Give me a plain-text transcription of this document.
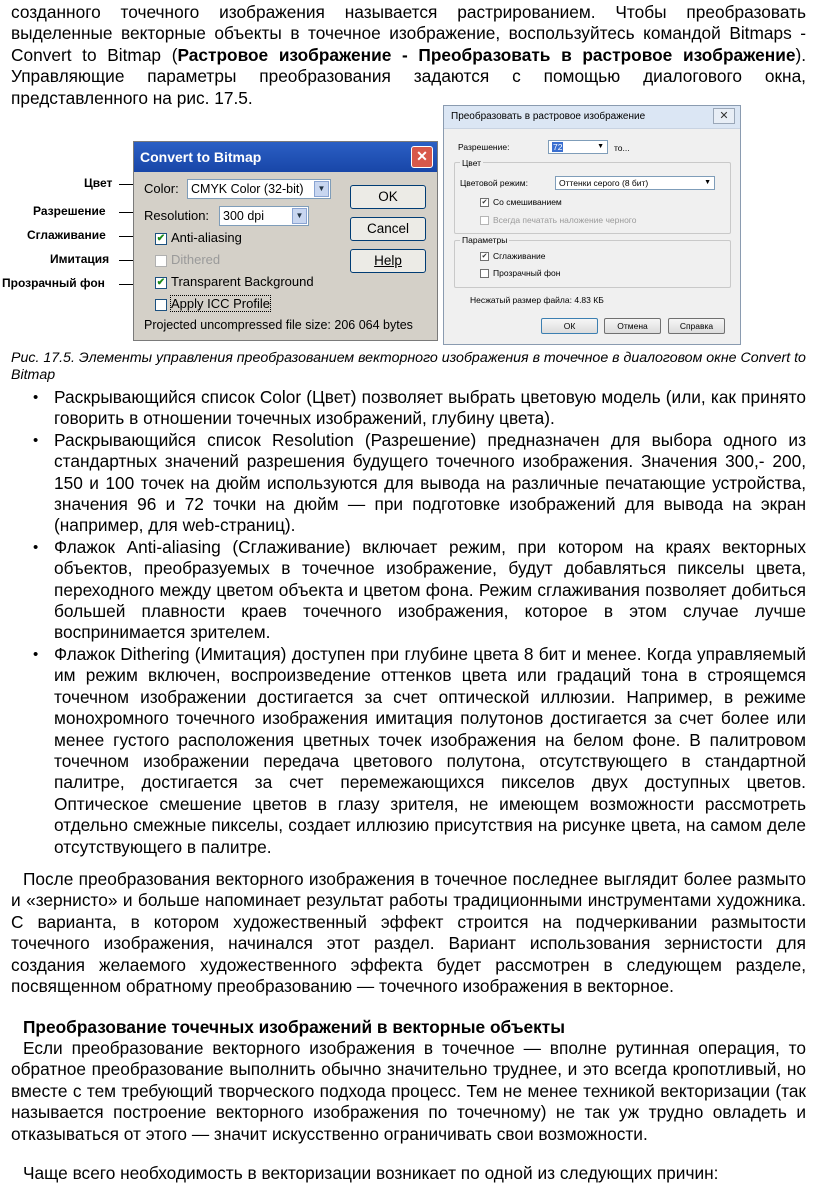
созданного точечного изображения называется растрированием. Чтобы преобразовать выделенные векторные объекты в точечное изображение, воспользуйтесь командой Bitmaps - Convert to Bitmap (Растровое изображение - Преобразовать в растровое изображение). Управляющие параметры преобразования задаются с помощью диалогового окна, представленного на рис. 17.5.

Цвет
Разрешение
Сглаживание
Имитация
Прозрачный фон
Convert to Bitmap	✕
Color: CMYK Color (32-bit)	▼
Resolution:	300 dpi	▼
✔ Anti-aliasing
Dithered
✔ Transparent Background
Apply ICC Profile
Projected uncompressed file size: 206 064 bytes
OK
Cancel
Help
Преобразовать в растровое изображение	✕
Разрешение:	72	▼ то...
Цвет
Цветовой режим:	Оттенки серого (8 бит)	▼
✔ Со смешиванием
Всегда печатать наложение черного
Параметры
✔ Сглаживание
Прозрачный фон
Несжатый размер файла: 4.83 КБ
ОК	Отмена	Справка
Рис. 17.5. Элементы управления преобразованием векторного изображения в точечное в диалоговом окне Convert to Bitmap
• Раскрывающийся список Color (Цвет) позволяет выбрать цветовую модель (или, как принято говорить в отношении точечных изображений, глубину цвета).
• Раскрывающийся список Resolution (Разрешение) предназначен для выбора одного из стандартных значений разрешения будущего точечного изображения. Значения 300,- 200, 150 и 100 точек на дюйм используются для вывода на различные печатающие устройства, значения 96 и 72 точки на дюйм — при подготовке изображений для вывода на экран (например, для web-страниц).
• Флажок Anti-aliasing (Сглаживание) включает режим, при котором на краях векторных объектов, преобразуемых в точечное изображение, будут добавляться пикселы цвета, переходного между цветом объекта и цветом фона. Режим сглаживания позволяет добиться большей плавности краев точечного изображения, которое в этом случае лучше воспринимается зрителем.
• Флажок Dithering (Имитация) доступен при глубине цвета 8 бит и менее. Когда управляемый им режим включен, воспроизведение оттенков цвета или градаций тона в строящемся точечном изображении достигается за счет оптической иллюзии. Например, в режиме монохромного точечного изображения имитация полутонов достигается за счет более или менее густого расположения цветных точек изображения на белом фоне. В палитровом точечном изображении передача цветового полутона, отсутствующего в стандартной палитре, достигается за счет перемежающихся пикселов двух доступных цветов. Оптическое смешение цветов в глазу зрителя, не имеющем возможности рассмотреть отдельно смежные пикселы, создает иллюзию присутствия на рисунке цвета, на самом деле отсутствующего в палитре.

После преобразования векторного изображения в точечное последнее выглядит более размыто и «зернисто» и больше напоминает результат работы традиционными инструментами художника. С варианта, в котором художественный эффект строится на подчеркивании размытости точечного изображения, начинался этот раздел. Вариант использования зернистости для создания желаемого художественного эффекта будет рассмотрен в следующем разделе, посвященном обратному преобразованию — точечного изображения в векторное.

Преобразование точечных изображений в векторные объекты

Если преобразование векторного изображения в точечное — вполне рутинная операция, то обратное преобразование выполнить обычно значительно труднее, и это всегда кропотливый, но вместе с тем требующий творческого подхода процесс. Тем не менее техникой векторизации (так называется построение векторного изображения по точечному) не так уж трудно овладеть и отказываться от этого — значит искусственно ограничивать свои возможности.

Чаще всего необходимость в векторизации возникает по одной из следующих причин:
